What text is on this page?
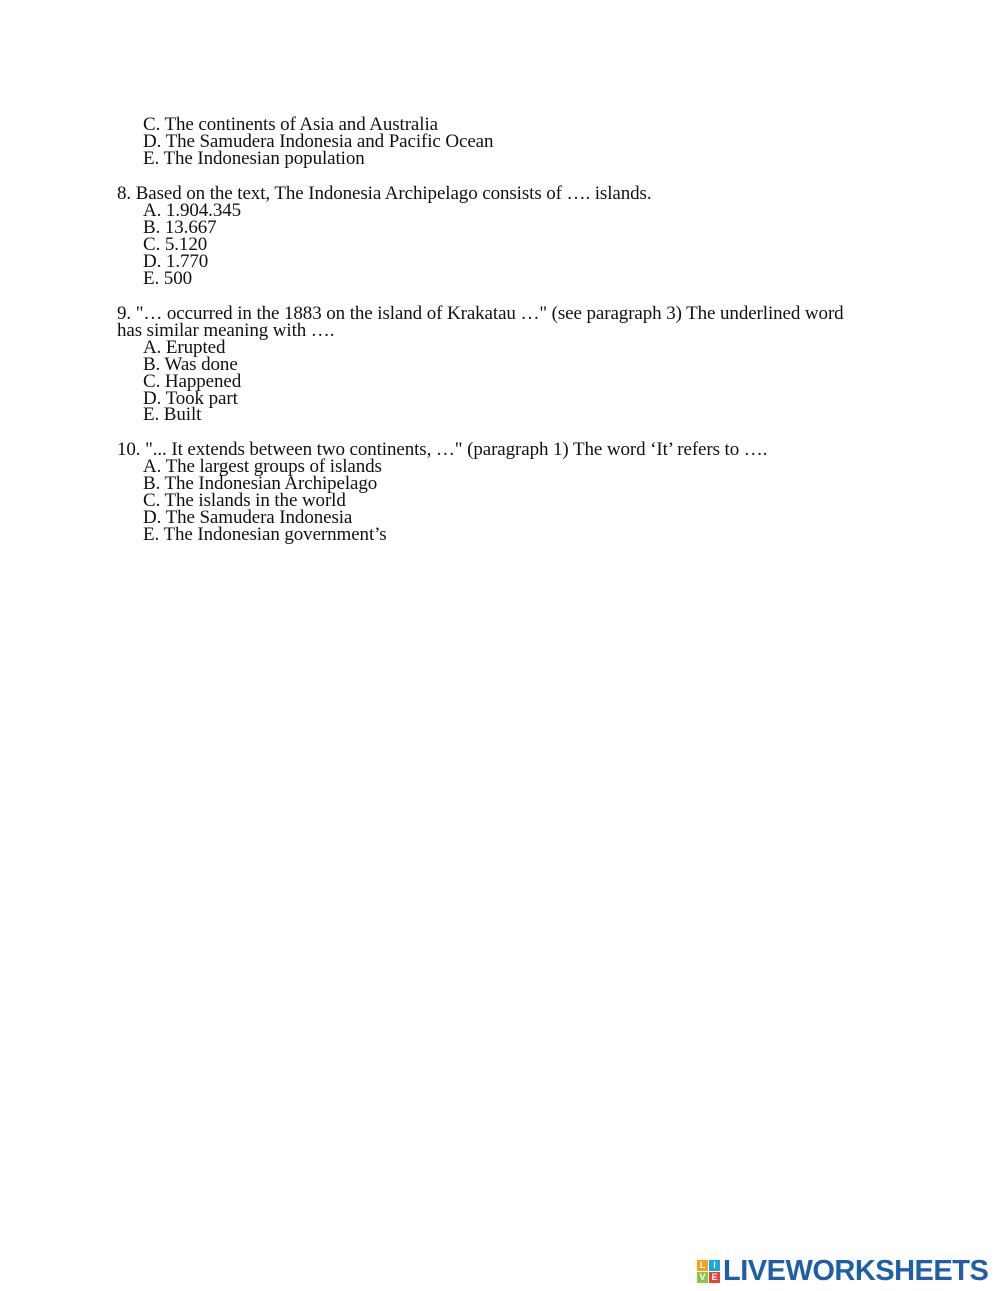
C. The continents of Asia and Australia
D. The Samudera Indonesia and Pacific Ocean
E. The Indonesian population
8. Based on the text, The Indonesia Archipelago consists of …. islands.
A. 1.904.345
B. 13.667
C. 5.120
D. 1.770
E. 500
9. "… occurred in the 1883 on the island of Krakatau …" (see paragraph 3) The underlined word
has similar meaning with ….
A. Erupted
B. Was done
C. Happened
D. Took part
E. Built
10. "... It extends between two continents, …" (paragraph 1) The word ‘It’ refers to ….
A. The largest groups of islands
B. The Indonesian Archipelago
C. The islands in the world
D. The Samudera Indonesia
E. The Indonesian government’s
L I
V E LIVEWORKSHEETS
